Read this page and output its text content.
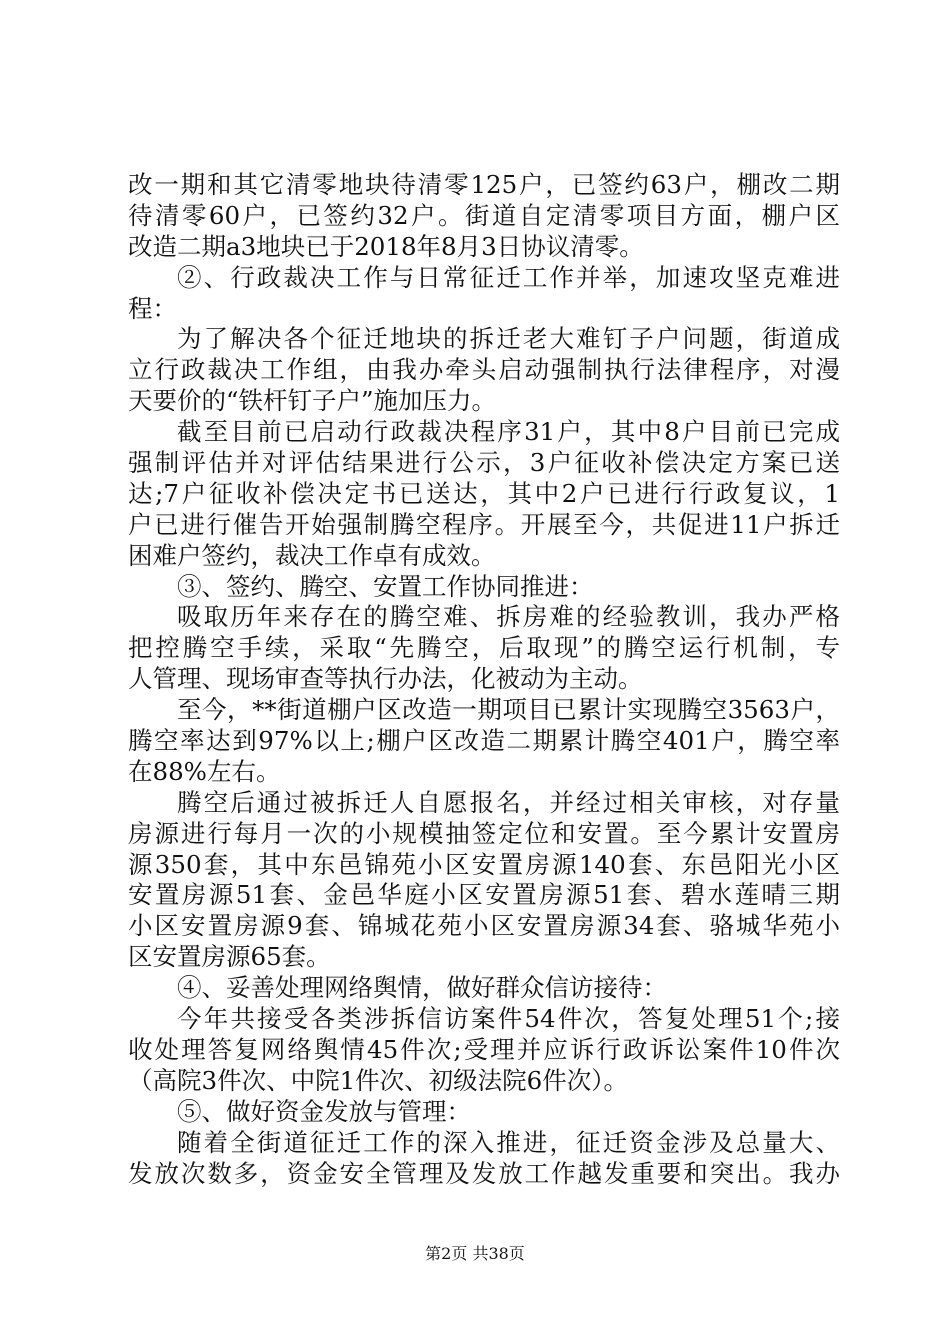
改一期和其它清零地块待清零125户，已签约63户，棚改二期
待清零60户，已签约32户。街道自定清零项目方面，棚户区
改造二期a3地块已于2018年8月3日协议清零。
②、行政裁决工作与日常征迁工作并举，加速攻坚克难进
程：
为了解决各个征迁地块的拆迁老大难钉子户问题，街道成
立行政裁决工作组，由我办牵头启动强制执行法律程序，对漫
天要价的“铁杆钉子户”施加压力。
截至目前已启动行政裁决程序31户，其中8户目前已完成
强制评估并对评估结果进行公示，3户征收补偿决定方案已送
达;7户征收补偿决定书已送达，其中2户已进行行政复议，1
户已进行催告开始强制腾空程序。开展至今，共促进11户拆迁
困难户签约，裁决工作卓有成效。
③、签约、腾空、安置工作协同推进：
吸取历年来存在的腾空难、拆房难的经验教训，我办严格
把控腾空手续，采取“先腾空，后取现”的腾空运行机制，专
人管理、现场审查等执行办法，化被动为主动。
至今，**街道棚户区改造一期项目已累计实现腾空3563户，
腾空率达到97%以上;棚户区改造二期累计腾空401户，腾空率
在88%左右。
腾空后通过被拆迁人自愿报名，并经过相关审核，对存量
房源进行每月一次的小规模抽签定位和安置。至今累计安置房
源350套，其中东邑锦苑小区安置房源140套、东邑阳光小区
安置房源51套、金邑华庭小区安置房源51套、碧水莲晴三期
小区安置房源9套、锦城花苑小区安置房源34套、骆城华苑小
区安置房源65套。
④、妥善处理网络舆情，做好群众信访接待：
今年共接受各类涉拆信访案件54件次，答复处理51个;接
收处理答复网络舆情45件次;受理并应诉行政诉讼案件10件次
（高院3件次、中院1件次、初级法院6件次）。
⑤、做好资金发放与管理：
随着全街道征迁工作的深入推进，征迁资金涉及总量大、
发放次数多，资金安全管理及发放工作越发重要和突出。我办
第2页 共38页
